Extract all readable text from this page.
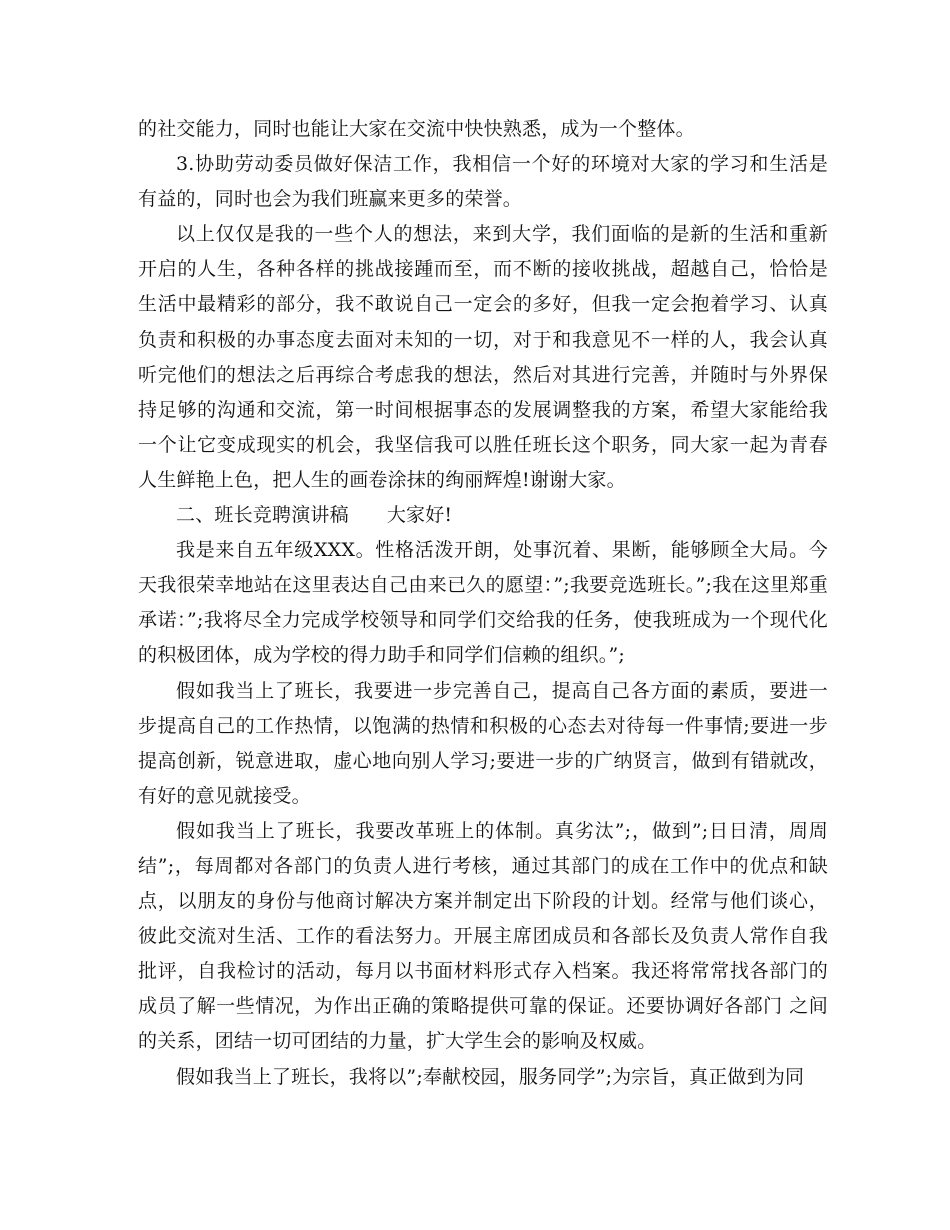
的社交能力，同时也能让大家在交流中快快熟悉，成为一个整体。

3.协助劳动委员做好保洁工作，我相信一个好的环境对大家的学习和生活是有益的，同时也会为我们班赢来更多的荣誉。

以上仅仅是我的一些个人的想法，来到大学，我们面临的是新的生活和重新开启的人生，各种各样的挑战接踵而至，而不断的接收挑战，超越自己，恰恰是生活中最精彩的部分，我不敢说自己一定会的多好，但我一定会抱着学习、认真负责和积极的办事态度去面对未知的一切，对于和我意见不一样的人，我会认真听完他们的想法之后再综合考虑我的想法，然后对其进行完善，并随时与外界保持足够的沟通和交流，第一时间根据事态的发展调整我的方案，希望大家能给我一个让它变成现实的机会，我坚信我可以胜任班长这个职务，同大家一起为青春人生鲜艳上色，把人生的画卷涂抹的绚丽辉煌!谢谢大家。

二、班长竞聘演讲稿 大家好!

我是来自五年级XXX。性格活泼开朗，处事沉着、果断，能够顾全大局。今天我很荣幸地站在这里表达自己由来已久的愿望：”;我要竞选班长。”;我在这里郑重承诺：”;我将尽全力完成学校领导和同学们交给我的任务，使我班成为一个现代化的积极团体，成为学校的得力助手和同学们信赖的组织。”;

假如我当上了班长，我要进一步完善自己，提高自己各方面的素质，要进一步提高自己的工作热情，以饱满的热情和积极的心态去对待每一件事情;要进一步提高创新，锐意进取，虚心地向别人学习;要进一步的广纳贤言，做到有错就改，有好的意见就接受。

假如我当上了班长，我要改革班上的体制。真劣汰”;，做到”;日日清，周周结”;，每周都对各部门的负责人进行考核，通过其部门的成在工作中的优点和缺点，以朋友的身份与他商讨解决方案并制定出下阶段的计划。经常与他们谈心，彼此交流对生活、工作的看法努力。开展主席团成员和各部长及负责人常作自我批评，自我检讨的活动，每月以书面材料形式存入档案。我还将常常找各部门的成员了解一些情况，为作出正确的策略提供可靠的保证。还要协调好各部门 之间的关系，团结一切可团结的力量，扩大学生会的影响及权威。

假如我当上了班长，我将以”;奉献校园，服务同学”;为宗旨，真正做到为同
